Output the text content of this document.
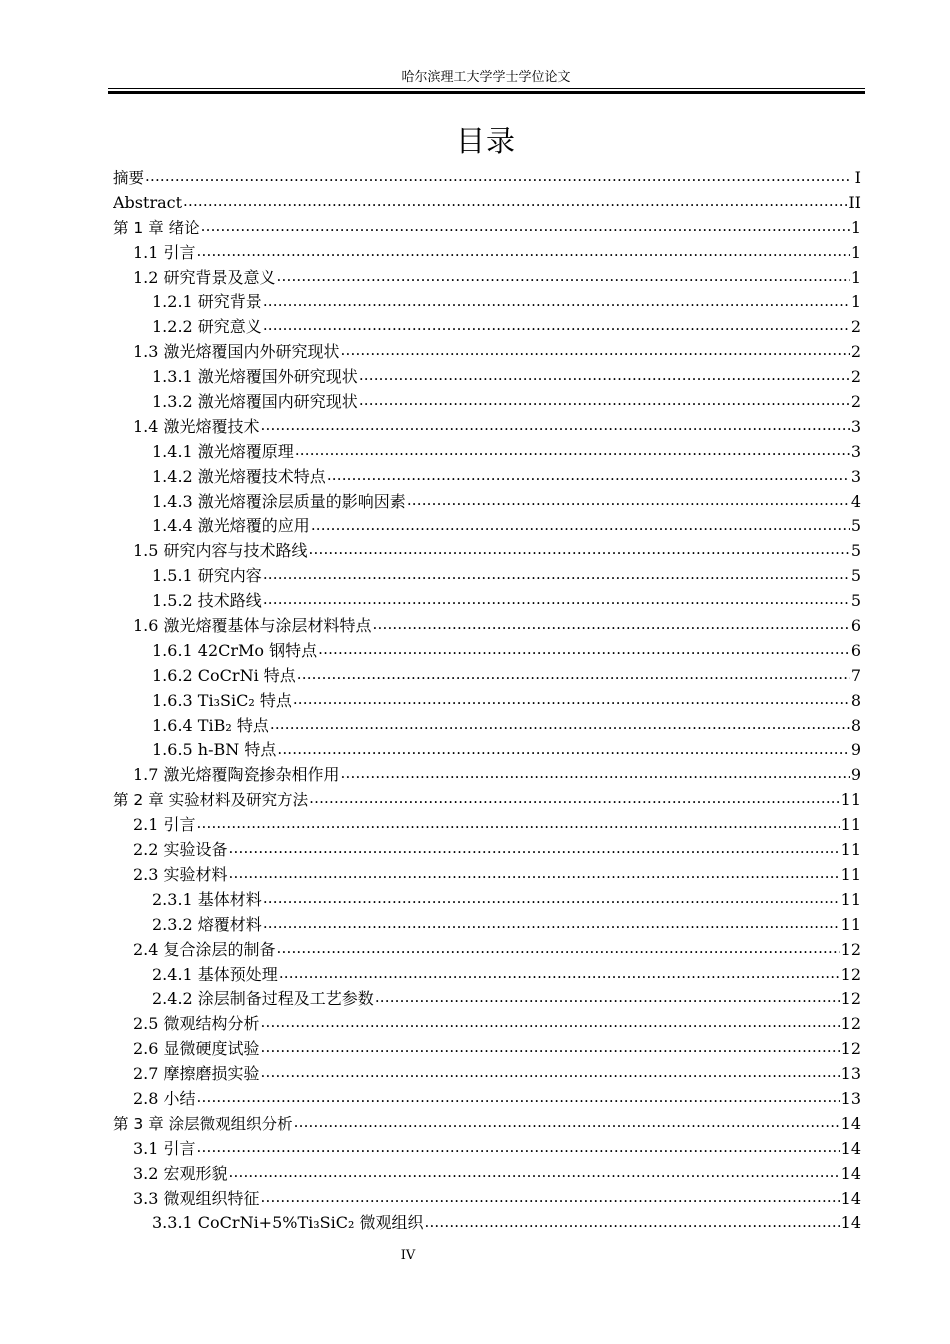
哈尔滨理工大学学士学位论文
目录
摘要 .....	I
Abstract .....	II
第 1 章 绪论 .....	1
1.1 引言 .....	1
1.2 研究背景及意义 .....	1
1.2.1 研究背景 .....	1
1.2.2 研究意义 .....	2
1.3 激光熔覆国内外研究现状 .....	2
1.3.1 激光熔覆国外研究现状 .....	2
1.3.2 激光熔覆国内研究现状 .....	2
1.4 激光熔覆技术 .....	3
1.4.1 激光熔覆原理 .....	3
1.4.2 激光熔覆技术特点 .....	3
1.4.3 激光熔覆涂层质量的影响因素 .....	4
1.4.4 激光熔覆的应用 .....	5
1.5 研究内容与技术路线 .....	5
1.5.1 研究内容 .....	5
1.5.2 技术路线 .....	5
1.6 激光熔覆基体与涂层材料特点 .....	6
1.6.1 42CrMo 钢特点 .....	6
1.6.2 CoCrNi 特点 .....	7
1.6.3 Ti₃SiC₂ 特点 .....	8
1.6.4 TiB₂ 特点 .....	8
1.6.5 h-BN 特点 .....	9
1.7 激光熔覆陶瓷掺杂相作用 .....	9
第 2 章 实验材料及研究方法 .....	11
2.1 引言 .....	11
2.2 实验设备 .....	11
2.3 实验材料 .....	11
2.3.1 基体材料 .....	11
2.3.2 熔覆材料 .....	11
2.4 复合涂层的制备 .....	12
2.4.1 基体预处理 .....	12
2.4.2 涂层制备过程及工艺参数 .....	12
2.5 微观结构分析 .....	12
2.6 显微硬度试验 .....	12
2.7 摩擦磨损实验 .....	13
2.8 小结 .....	13
第 3 章 涂层微观组织分析 .....	14
3.1 引言 .....	14
3.2 宏观形貌 .....	14
3.3 微观组织特征 .....	14
3.3.1 CoCrNi+5%Ti₃SiC₂ 微观组织 .....	14
IV
